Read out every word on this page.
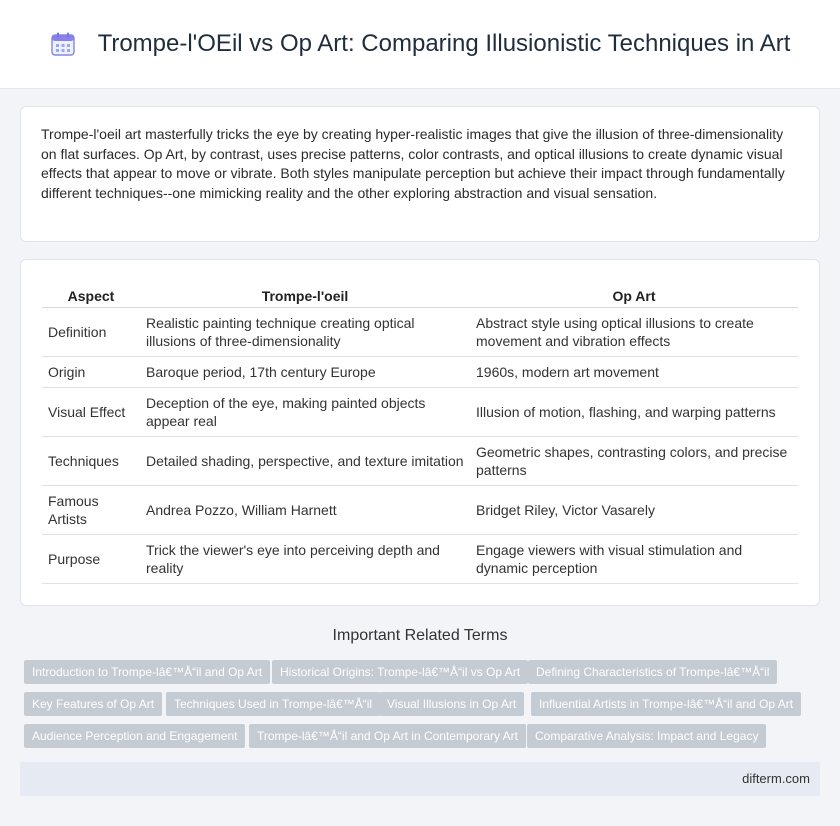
Trompe-l'OEil vs Op Art: Comparing Illusionistic Techniques in Art

Trompe-l'oeil art masterfully tricks the eye by creating hyper-realistic images that give the illusion of three-dimensionality on flat surfaces. Op Art, by contrast, uses precise patterns, color contrasts, and optical illusions to create dynamic visual effects that appear to move or vibrate. Both styles manipulate perception but achieve their impact through fundamentally different techniques--one mimicking reality and the other exploring abstraction and visual sensation.

Aspect	Trompe-l'oeil	Op Art
Definition	Realistic painting technique creating optical illusions of three-dimensionality	Abstract style using optical illusions to create movement and vibration effects
Origin	Baroque period, 17th century Europe	1960s, modern art movement
Visual Effect	Deception of the eye, making painted objects appear real	Illusion of motion, flashing, and warping patterns
Techniques	Detailed shading, perspective, and texture imitation	Geometric shapes, contrasting colors, and precise patterns
Famous Artists	Andrea Pozzo, William Harnett	Bridget Riley, Victor Vasarely
Purpose	Trick the viewer's eye into perceiving depth and reality	Engage viewers with visual stimulation and dynamic perception
Important Related Terms
Introduction to Trompe-lâ€™Å“il and Op Art	Historical Origins: Trompe-lâ€™Å“il vs Op Art	Defining Characteristics of Trompe-lâ€™Å“il
Key Features of Op Art	Techniques Used in Trompe-lâ€™Å“il	Visual Illusions in Op Art	Influential Artists in Trompe-lâ€™Å“il and Op Art
Audience Perception and Engagement	Trompe-lâ€™Å“il and Op Art in Contemporary Art	Comparative Analysis: Impact and Legacy
difterm.com
